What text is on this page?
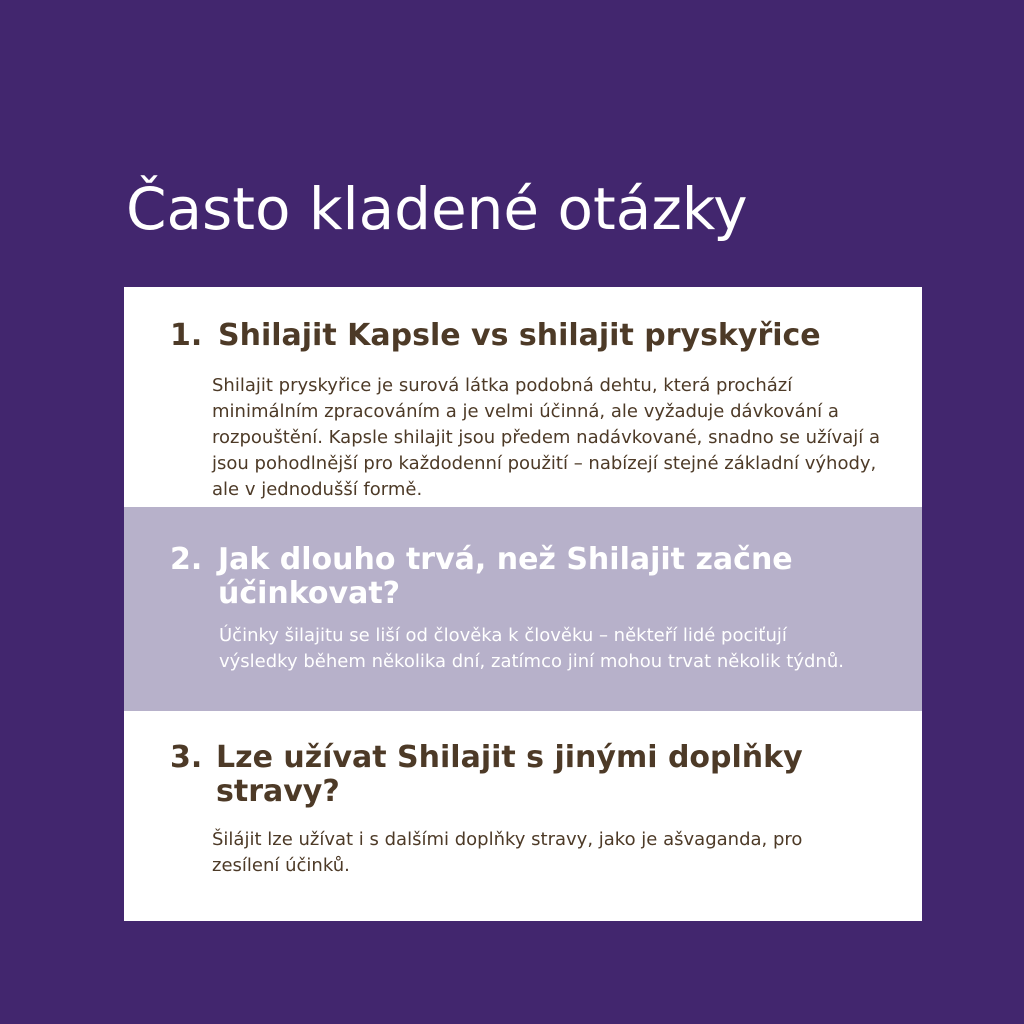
Často kladené otázky
1. Shilajit Kapsle vs shilajit pryskyřice

Shilajit pryskyřice je surová látka podobná dehtu, která prochází minimálním zpracováním a je velmi účinná, ale vyžaduje dávkování a rozpouštění. Kapsle shilajit jsou předem nadávkované, snadno se užívají a jsou pohodlnější pro každodenní použití – nabízejí stejné základní výhody, ale v jednodušší formě.

2. Jak dlouho trvá, než Shilajit začne účinkovat?

Účinky šilajitu se liší od člověka k člověku – někteří lidé pociťují výsledky během několika dní, zatímco jiní mohou trvat několik týdnů.

3. Lze užívat Shilajit s jinými doplňky stravy?

Šilájit lze užívat i s dalšími doplňky stravy, jako je ašvaganda, pro zesílení účinků.
